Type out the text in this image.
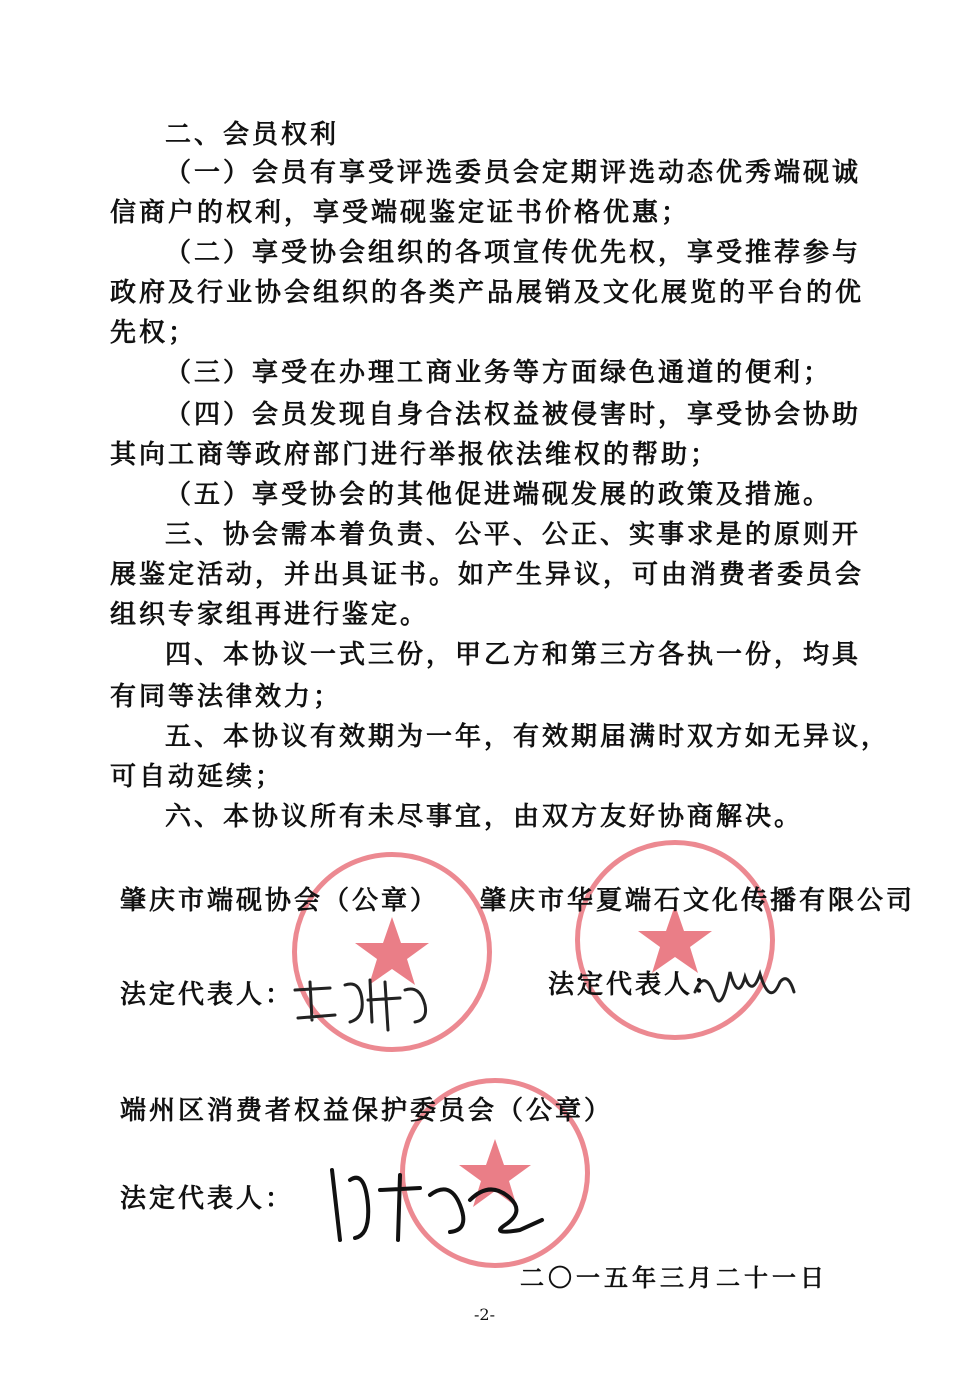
二、会员权利
（一）会员有享受评选委员会定期评选动态优秀端砚诚
信商户的权利，享受端砚鉴定证书价格优惠；
（二）享受协会组织的各项宣传优先权，享受推荐参与
政府及行业协会组织的各类产品展销及文化展览的平台的优
先权；
（三）享受在办理工商业务等方面绿色通道的便利；
（四）会员发现自身合法权益被侵害时，享受协会协助
其向工商等政府部门进行举报依法维权的帮助；
（五）享受协会的其他促进端砚发展的政策及措施。
三、协会需本着负责、公平、公正、实事求是的原则开
展鉴定活动，并出具证书。如产生异议，可由消费者委员会
组织专家组再进行鉴定。
四、本协议一式三份，甲乙方和第三方各执一份，均具
有同等法律效力；
五、本协议有效期为一年，有效期届满时双方如无异议，
可自动延续；
六、本协议所有未尽事宜，由双方友好协商解决。
肇庆市端砚协会（公章） 肇庆市华夏端石文化传播有限公司
法定代表人：	法定代表人：
端州区消费者权益保护委员会（公章）
法定代表人：
二〇一五年三月二十一日
-2-
